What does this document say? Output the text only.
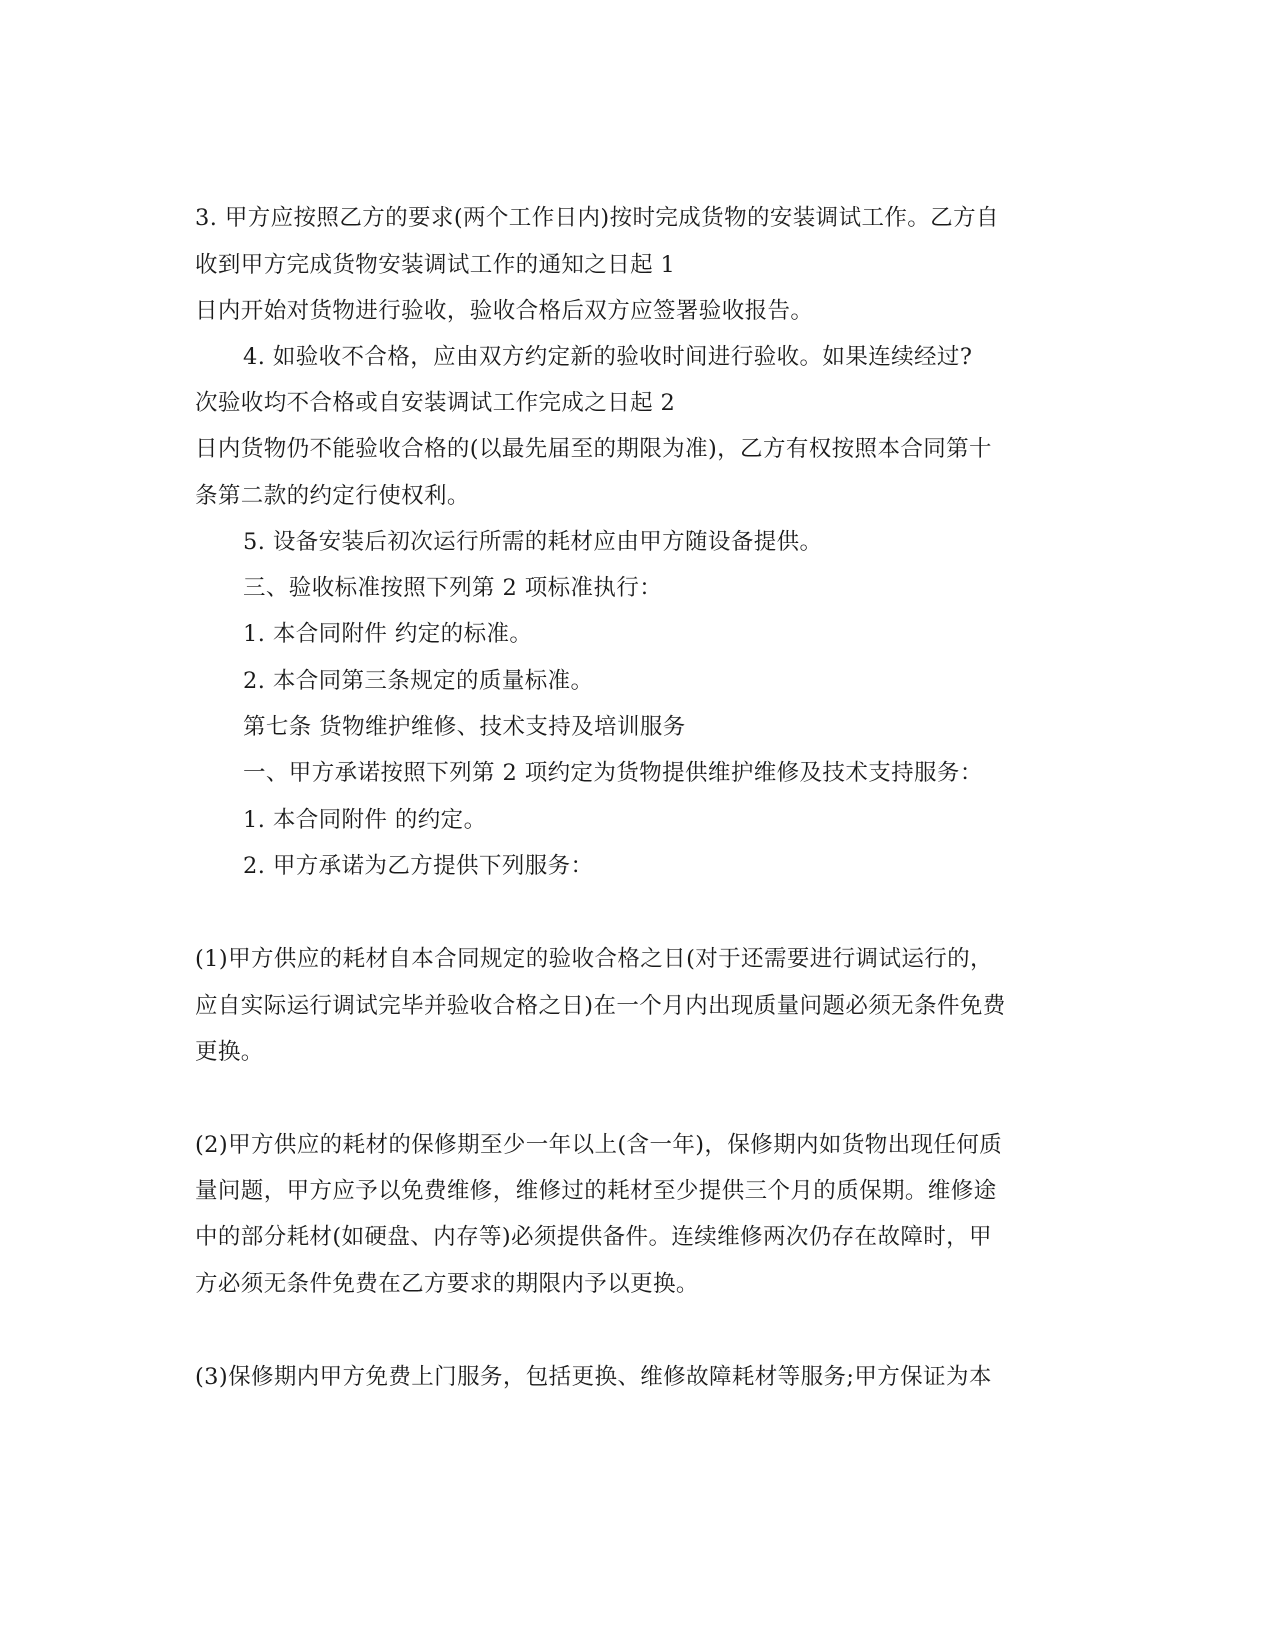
3. 甲方应按照乙方的要求(两个工作日内)按时完成货物的安装调试工作。乙方自
收到甲方完成货物安装调试工作的通知之日起 1
日内开始对货物进行验收，验收合格后双方应签署验收报告。
4. 如验收不合格，应由双方约定新的验收时间进行验收。如果连续经过?
次验收均不合格或自安装调试工作完成之日起 2
日内货物仍不能验收合格的(以最先届至的期限为准)，乙方有权按照本合同第十
条第二款的约定行使权利。
5. 设备安装后初次运行所需的耗材应由甲方随设备提供。
三、验收标准按照下列第 2 项标准执行：
1. 本合同附件 约定的标准。
2. 本合同第三条规定的质量标准。
第七条 货物维护维修、技术支持及培训服务
一、甲方承诺按照下列第 2 项约定为货物提供维护维修及技术支持服务：
1. 本合同附件 的约定。
2. 甲方承诺为乙方提供下列服务：
(1)甲方供应的耗材自本合同规定的验收合格之日(对于还需要进行调试运行的，
应自实际运行调试完毕并验收合格之日)在一个月内出现质量问题必须无条件免费
更换。
(2)甲方供应的耗材的保修期至少一年以上(含一年)，保修期内如货物出现任何质
量问题，甲方应予以免费维修，维修过的耗材至少提供三个月的质保期。维修途
中的部分耗材(如硬盘、内存等)必须提供备件。连续维修两次仍存在故障时，甲
方必须无条件免费在乙方要求的期限内予以更换。
(3)保修期内甲方免费上门服务，包括更换、维修故障耗材等服务;甲方保证为本
